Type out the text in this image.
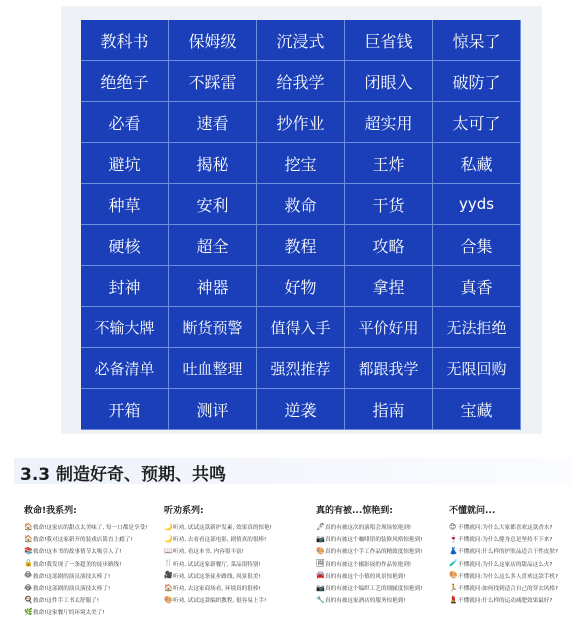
教科书	保姆级	沉浸式	巨省钱	惊呆了
绝绝子	不踩雷	给我学	闭眼入	破防了
必看	速看	抄作业	超实用	太可了
避坑	揭秘	挖宝	王炸	私藏
种草	安利	救命	干货	yyds
硬核	超全	教程	攻略	合集
封神	神器	好物	拿捏	真香
不输大牌	断货预警	值得入手	平价好用	无法拒绝
必备清单	吐血整理	强烈推荐	都跟我学	无限回购
开箱	测评	逆袭	指南	宝藏
3.3 制造好奇、预期、共鸣
救命!我系列:
🏠 救命!这家店的甜点太美味了, 每一口都是享受!
🏠 救命!我对这家新开的装戏店简直上瘾了!
📚 救命!这本书的故事情节太吸引人了!
🔒 救命!我发现了一条超美的徒步路线!
😂 救命!这部剧的演员演技太棒了!
😂 救命!这部剧的演员演技太棒了!
🍳 救命!这件手工书太舒服了!
🌿 救命!这家餐厅的环境太美了!
听劝系列:
🌙 听劝, 试试这款新护发素, 效果真的惊艳!
🌙 听劝, 去看看这部电影, 剧情真的很棒!
📖 听劝, 看这本书, 内容很丰富!
🍴 听劝, 试试这家新餐厅, 菜品很特别!
🎥 听劝, 试试这条徒步路线, 风景很美!
🏠 听劝, 去这家商场看, 环境真的很棒!
🎨 听劝, 试试这款编织教程, 很容易上手!
真的有被...惊艳到:
🖊 真的有被这次的演唱会现场惊艳到!
📷 真的有被这个咖啡馆的装修风格惊艳到!
🎨 真的有被这个手工作品的精致度惊艳到!
🖼 真的有被这个摄影展的作品惊艳到!
🚘 真的有被这个小镇的风景惊艳到!
📷 真的有被这个编织工艺的细腻度惊艳到!
🔧 真的有被这家酒店的服务惊艳到!
不懂就问...
😊 不懂就问:为什么大家都喜欢这款香水?
🍷 不懂就问:为什么健身总是坚持不下来?
👗 不懂就问:什么样的护肤品适合干性皮肤?
🧪 不懂就问:为什么这家店的甜品这么火?
🎨 不懂就问:为什么这么多人喜欢这款手机?
🏃 不懂就问:如何找到适合自己的穿衣风格?
💄 不懂就问:什么样的运动减肥效果最好?
